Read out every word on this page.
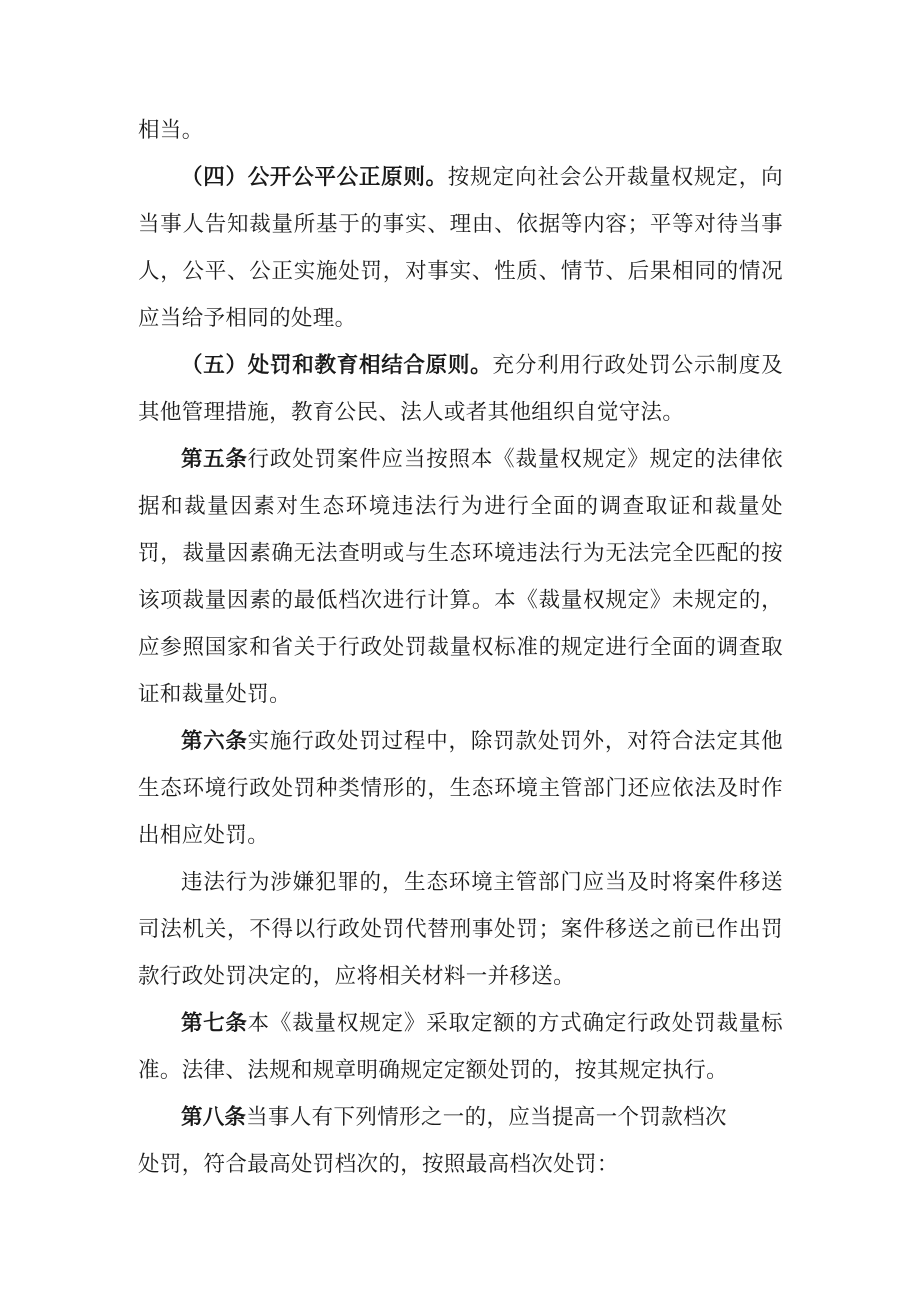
相当。

（四）公开公平公正原则。按规定向社会公开裁量权规定，向当事人告知裁量所基于的事实、理由、依据等内容；平等对待当事人，公平、公正实施处罚，对事实、性质、情节、后果相同的情况应当给予相同的处理。

（五）处罚和教育相结合原则。充分利用行政处罚公示制度及其他管理措施，教育公民、法人或者其他组织自觉守法。

第五条行政处罚案件应当按照本《裁量权规定》规定的法律依据和裁量因素对生态环境违法行为进行全面的调查取证和裁量处罚，裁量因素确无法查明或与生态环境违法行为无法完全匹配的按该项裁量因素的最低档次进行计算。本《裁量权规定》未规定的，应参照国家和省关于行政处罚裁量权标准的规定进行全面的调查取证和裁量处罚。

第六条实施行政处罚过程中，除罚款处罚外，对符合法定其他生态环境行政处罚种类情形的，生态环境主管部门还应依法及时作出相应处罚。

违法行为涉嫌犯罪的，生态环境主管部门应当及时将案件移送司法机关，不得以行政处罚代替刑事处罚；案件移送之前已作出罚款行政处罚决定的，应将相关材料一并移送。

第七条本《裁量权规定》采取定额的方式确定行政处罚裁量标准。法律、法规和规章明确规定定额处罚的，按其规定执行。

第八条当事人有下列情形之一的，应当提高一个罚款档次

处罚，符合最高处罚档次的，按照最高档次处罚：
